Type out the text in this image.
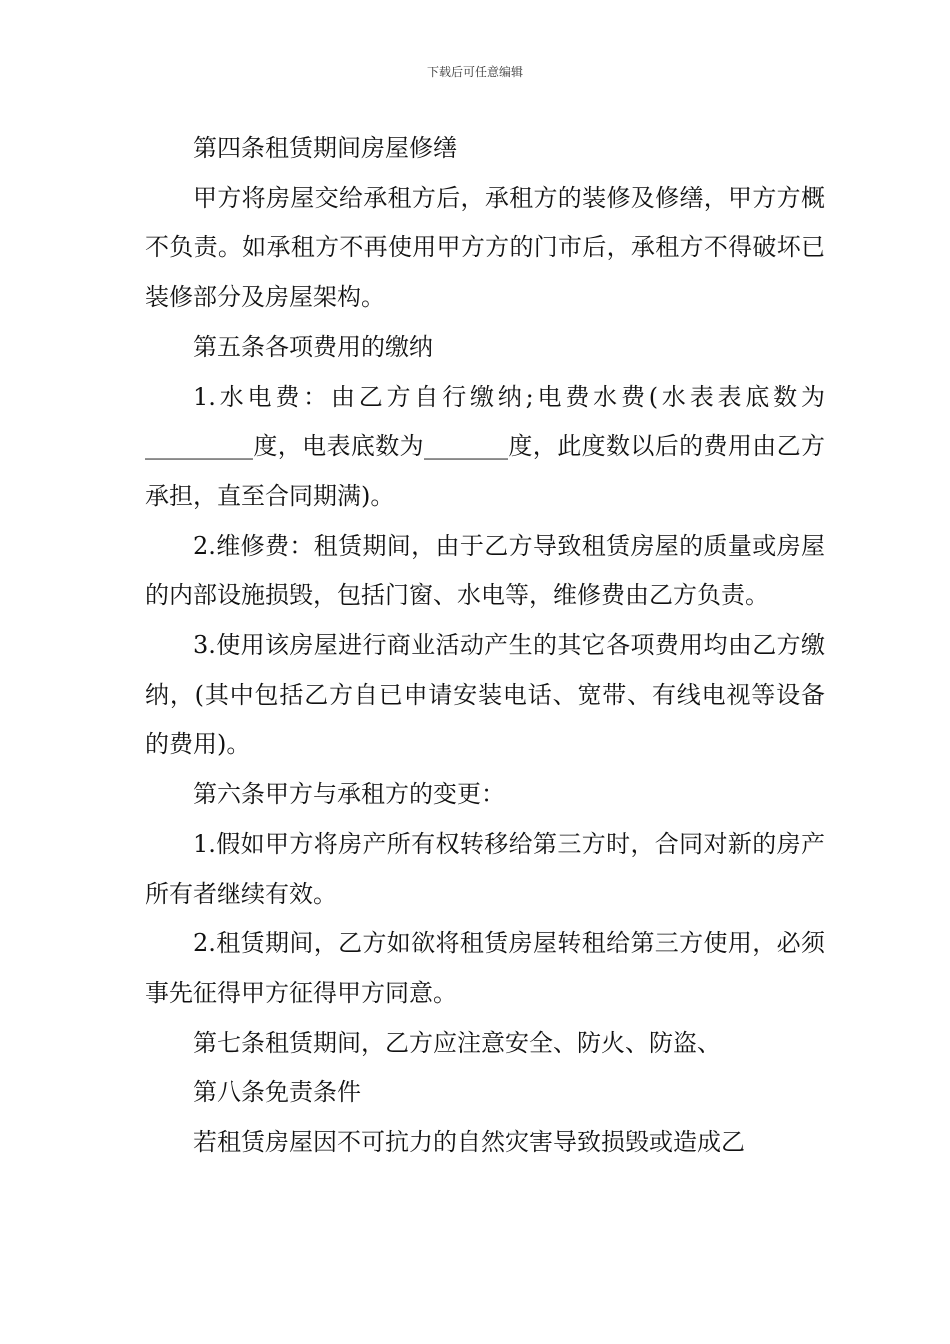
下载后可任意编辑

第四条租赁期间房屋修缮

甲方将房屋交给承租方后，承租方的装修及修缮，甲方方概不负责。如承租方不再使用甲方方的门市后，承租方不得破坏已装修部分及房屋架构。

第五条各项费用的缴纳

1.水电费：由乙方自行缴纳;电费水费(水表表底数为_________度，电表底数为_______度，此度数以后的费用由乙方承担，直至合同期满)。

2.维修费：租赁期间，由于乙方导致租赁房屋的质量或房屋的内部设施损毁，包括门窗、水电等，维修费由乙方负责。

3.使用该房屋进行商业活动产生的其它各项费用均由乙方缴纳，(其中包括乙方自已申请安装电话、宽带、有线电视等设备的费用)。

第六条甲方与承租方的变更：

1.假如甲方将房产所有权转移给第三方时，合同对新的房产所有者继续有效。

2.租赁期间，乙方如欲将租赁房屋转租给第三方使用，必须事先征得甲方征得甲方同意。

第七条租赁期间，乙方应注意安全、防火、防盗、

第八条免责条件

若租赁房屋因不可抗力的自然灾害导致损毁或造成乙
